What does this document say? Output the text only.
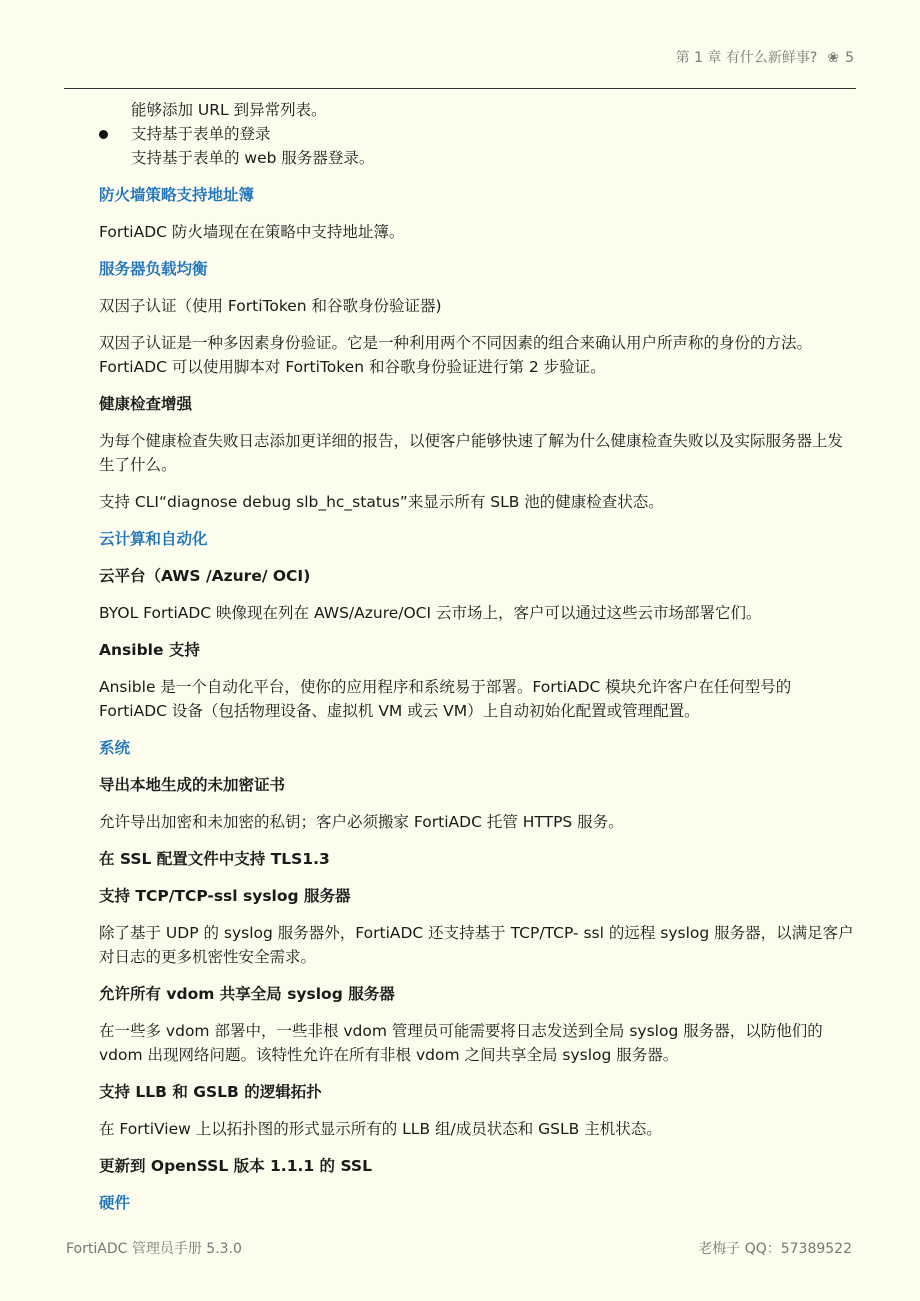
第 1 章 有什么新鲜事? ❀ 5

能够添加 URL 到异常列表。

支持基于表单的登录

支持基于表单的 web 服务器登录。

防火墙策略支持地址簿

FortiADC 防火墙现在在策略中支持地址簿。

服务器负载均衡

双因子认证（使用 FortiToken 和谷歌身份验证器)

双因子认证是一种多因素身份验证。它是一种利用两个不同因素的组合来确认用户所声称的身份的方法。

FortiADC 可以使用脚本对 FortiToken 和谷歌身份验证进行第 2 步验证。

健康检查增强

为每个健康检查失败日志添加更详细的报告，以便客户能够快速了解为什么健康检查失败以及实际服务器上发生了什么。

支持 CLI“diagnose debug slb_hc_status”来显示所有 SLB 池的健康检查状态。

云计算和自动化

云平台（AWS /Azure/ OCI)

BYOL FortiADC 映像现在列在 AWS/Azure/OCI 云市场上，客户可以通过这些云市场部署它们。

Ansible 支持

Ansible 是一个自动化平台，使你的应用程序和系统易于部署。FortiADC 模块允许客户在任何型号的 FortiADC 设备（包括物理设备、虚拟机 VM 或云 VM）上自动初始化配置或管理配置。

系统

导出本地生成的未加密证书

允许导出加密和未加密的私钥；客户必须搬家 FortiADC 托管 HTTPS 服务。

在 SSL 配置文件中支持 TLS1.3

支持 TCP/TCP-ssl syslog 服务器

除了基于 UDP 的 syslog 服务器外，FortiADC 还支持基于 TCP/TCP- ssl 的远程 syslog 服务器，以满足客户对日志的更多机密性安全需求。

允许所有 vdom 共享全局 syslog 服务器

在一些多 vdom 部署中，一些非根 vdom 管理员可能需要将日志发送到全局 syslog 服务器，以防他们的 vdom 出现网络问题。该特性允许在所有非根 vdom 之间共享全局 syslog 服务器。

支持 LLB 和 GSLB 的逻辑拓扑

在 FortiView 上以拓扑图的形式显示所有的 LLB 组/成员状态和 GSLB 主机状态。

更新到 OpenSSL 版本 1.1.1 的 SSL

硬件

FortiADC 管理员手册 5.3.0	老梅子 QQ：57389522
